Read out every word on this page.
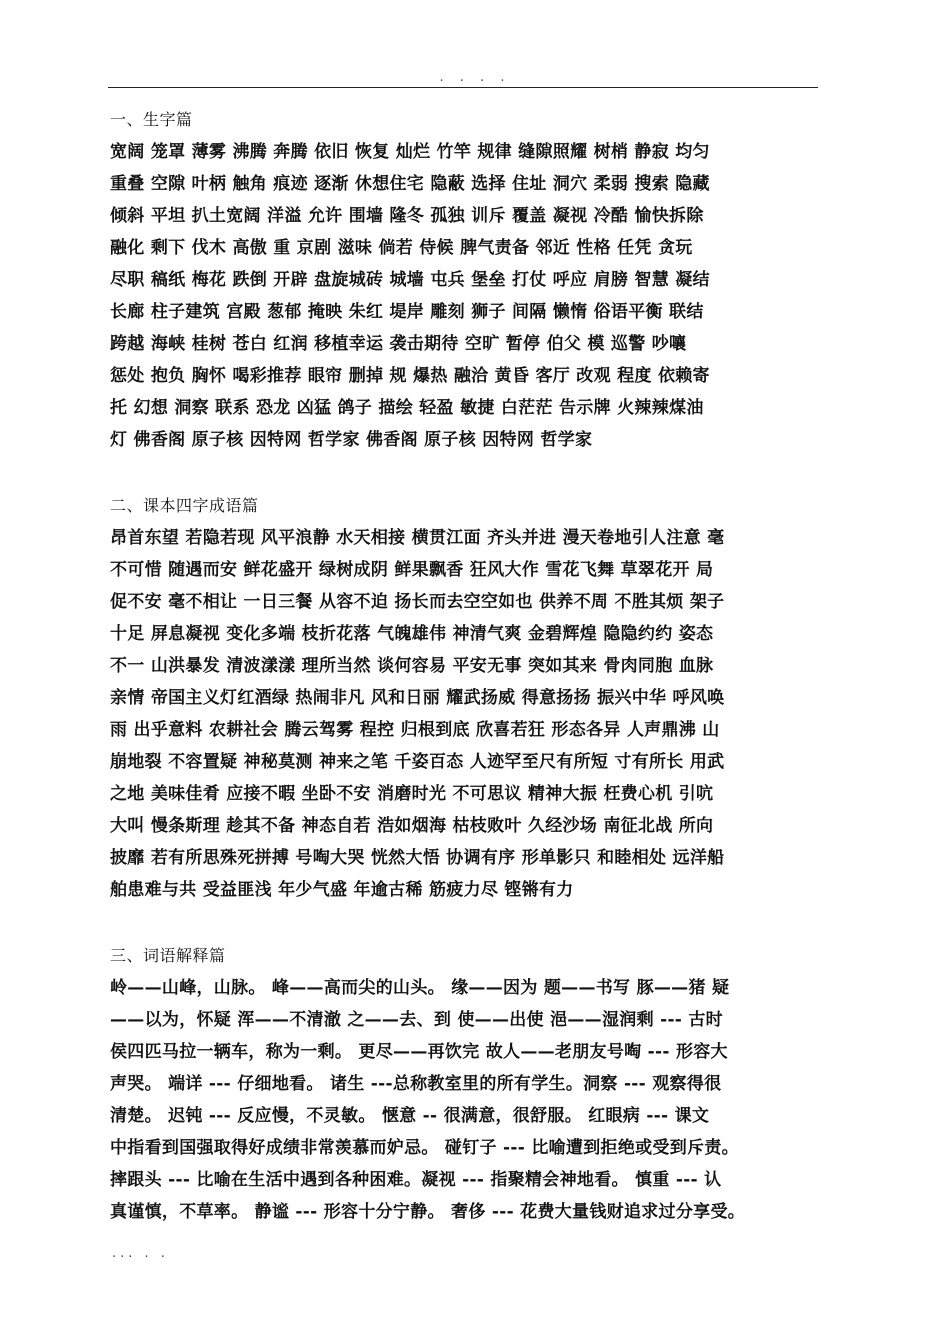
. . . .
一、生字篇
宽阔 笼罩 薄雾 沸腾 奔腾 依旧 恢复 灿烂 竹竿 规律 缝隙照耀 树梢 静寂 均匀
重叠 空隙 叶柄 触角 痕迹 逐渐 休想住宅 隐蔽 选择 住址 洞穴 柔弱 搜索 隐藏
倾斜 平坦 扒土宽阔 洋溢 允许 围墙 隆冬 孤独 训斥 覆盖 凝视 冷酷 愉快拆除
融化 剩下 伐木 高傲 重 京剧 滋味 倘若 侍候 脾气责备 邻近 性格 任凭 贪玩
尽职 稿纸 梅花 跌倒 开辟 盘旋城砖 城墙 屯兵 堡垒 打仗 呼应 肩膀 智慧 凝结
长廊 柱子建筑 宫殿 葱郁 掩映 朱红 堤岸 雕刻 狮子 间隔 懒惰 俗语平衡 联结
跨越 海峡 桂树 苍白 红润 移植幸运 袭击期待 空旷 暂停 伯父 模 巡警 吵嚷
惩处 抱负 胸怀 喝彩推荐 眼帘 删掉 规 爆热 融洽 黄昏 客厅 改观 程度 依赖寄
托 幻想 洞察 联系 恐龙 凶猛 鸽子 描绘 轻盈 敏捷 白茫茫 告示牌 火辣辣煤油
灯 佛香阁 原子核 因特网 哲学家 佛香阁 原子核 因特网 哲学家
二、课本四字成语篇
昂首东望 若隐若现 风平浪静 水天相接 横贯江面 齐头并进 漫天卷地引人注意 毫
不可惜 随遇而安 鲜花盛开 绿树成阴 鲜果飘香 狂风大作 雪花飞舞 草翠花开 局
促不安 毫不相让 一日三餐 从容不迫 扬长而去空空如也 供养不周 不胜其烦 架子
十足 屏息凝视 变化多端 枝折花落 气魄雄伟 神清气爽 金碧辉煌 隐隐约约 姿态
不一 山洪暴发 清波漾漾 理所当然 谈何容易 平安无事 突如其来 骨肉同胞 血脉
亲情 帝国主义灯红酒绿 热闹非凡 风和日丽 耀武扬威 得意扬扬 振兴中华 呼风唤
雨 出乎意料 农耕社会 腾云驾雾 程控 归根到底 欣喜若狂 形态各异 人声鼎沸 山
崩地裂 不容置疑 神秘莫测 神来之笔 千姿百态 人迹罕至尺有所短 寸有所长 用武
之地 美味佳肴 应接不暇 坐卧不安 消磨时光 不可思议 精神大振 枉费心机 引吭
大叫 慢条斯理 趁其不备 神态自若 浩如烟海 枯枝败叶 久经沙场 南征北战 所向
披靡 若有所思殊死拼搏 号啕大哭 恍然大悟 协调有序 形单影只 和睦相处 远洋船
舶患难与共 受益匪浅 年少气盛 年逾古稀 筋疲力尽 铿锵有力
三、词语解释篇
岭——山峰，山脉。 峰——高而尖的山头。 缘——因为 题——书写 豚——猪 疑
——以为，怀疑 浑——不清澈 之——去、到 使——出使 浥——湿润剩 --- 古时
侯四匹马拉一辆车，称为一剩。 更尽——再饮完 故人——老朋友号啕 --- 形容大
声哭。 端详 --- 仔细地看。 诸生 ---总称教室里的所有学生。洞察 --- 观察得很
清楚。 迟钝 --- 反应慢，不灵敏。 惬意 -- 很满意，很舒服。 红眼病 --- 课文
中指看到国强取得好成绩非常羡慕而妒忌。 碰钉子 --- 比喻遭到拒绝或受到斥责。
摔跟头 --- 比喻在生活中遇到各种困难。凝视 --- 指聚精会神地看。 慎重 --- 认
真谨慎，不草率。 静谧 --- 形容十分宁静。 奢侈 --- 花费大量钱财追求过分享受。
... . .
